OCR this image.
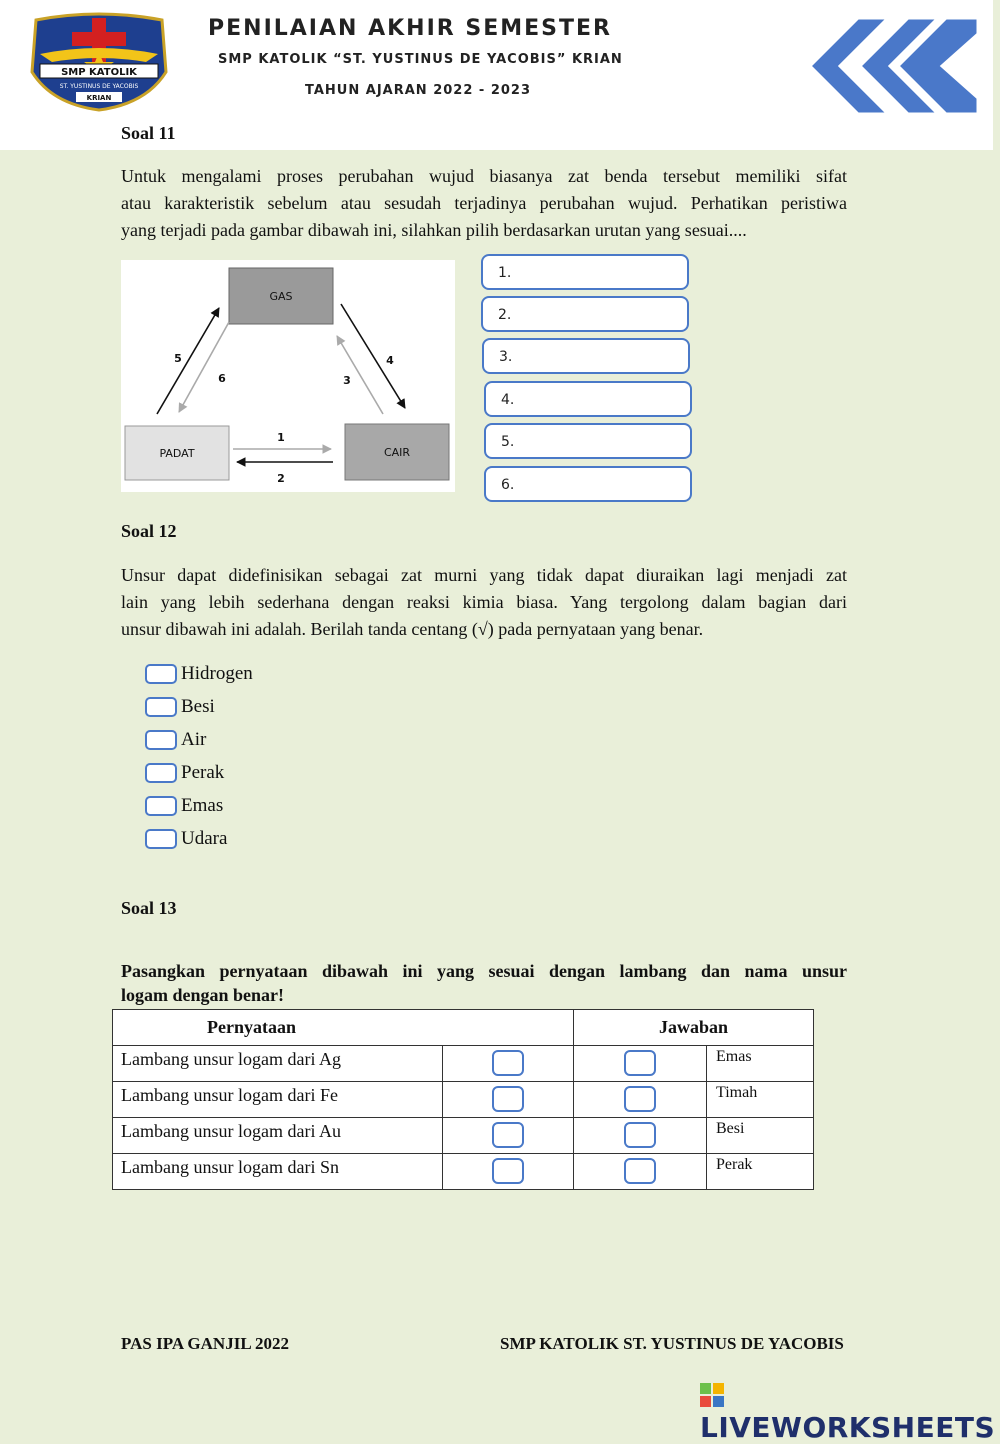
SMP KATOLIK
ST. YUSTINUS DE YACOBIS
KRIAN
PENILAIAN AKHIR SEMESTER
SMP KATOLIK “ST. YUSTINUS DE YACOBIS” KRIAN
TAHUN AJARAN 2022 - 2023
Soal 11
Untuk mengalami proses perubahan wujud biasanya zat benda tersebut memiliki sifat
atau karakteristik sebelum atau sesudah terjadinya perubahan wujud. Perhatikan peristiwa
yang terjadi pada gambar dibawah ini, silahkan pilih berdasarkan urutan yang sesuai....
GAS
PADAT	CAIR
1
2
3
4
5
6
1.
2.
3.
4.
5.
6.
Soal 12
Unsur dapat didefinisikan sebagai zat murni yang tidak dapat diuraikan lagi menjadi zat
lain yang lebih sederhana dengan reaksi kimia biasa. Yang tergolong dalam bagian dari
unsur dibawah ini adalah. Berilah tanda centang (√) pada pernyataan yang benar.
Hidrogen
Besi
Air
Perak
Emas
Udara
Soal 13
Pasangkan pernyataan dibawah ini yang sesuai dengan lambang dan nama unsur
logam dengan benar!
Pernyataan		Jawaban	
Lambang unsur logam dari Ag			Emas
Lambang unsur logam dari Fe			Timah
Lambang unsur logam dari Au			Besi
Lambang unsur logam dari Sn			Perak
PAS IPA GANJIL 2022	SMP KATOLIK ST. YUSTINUS DE YACOBIS
LIVEWORKSHEETS
